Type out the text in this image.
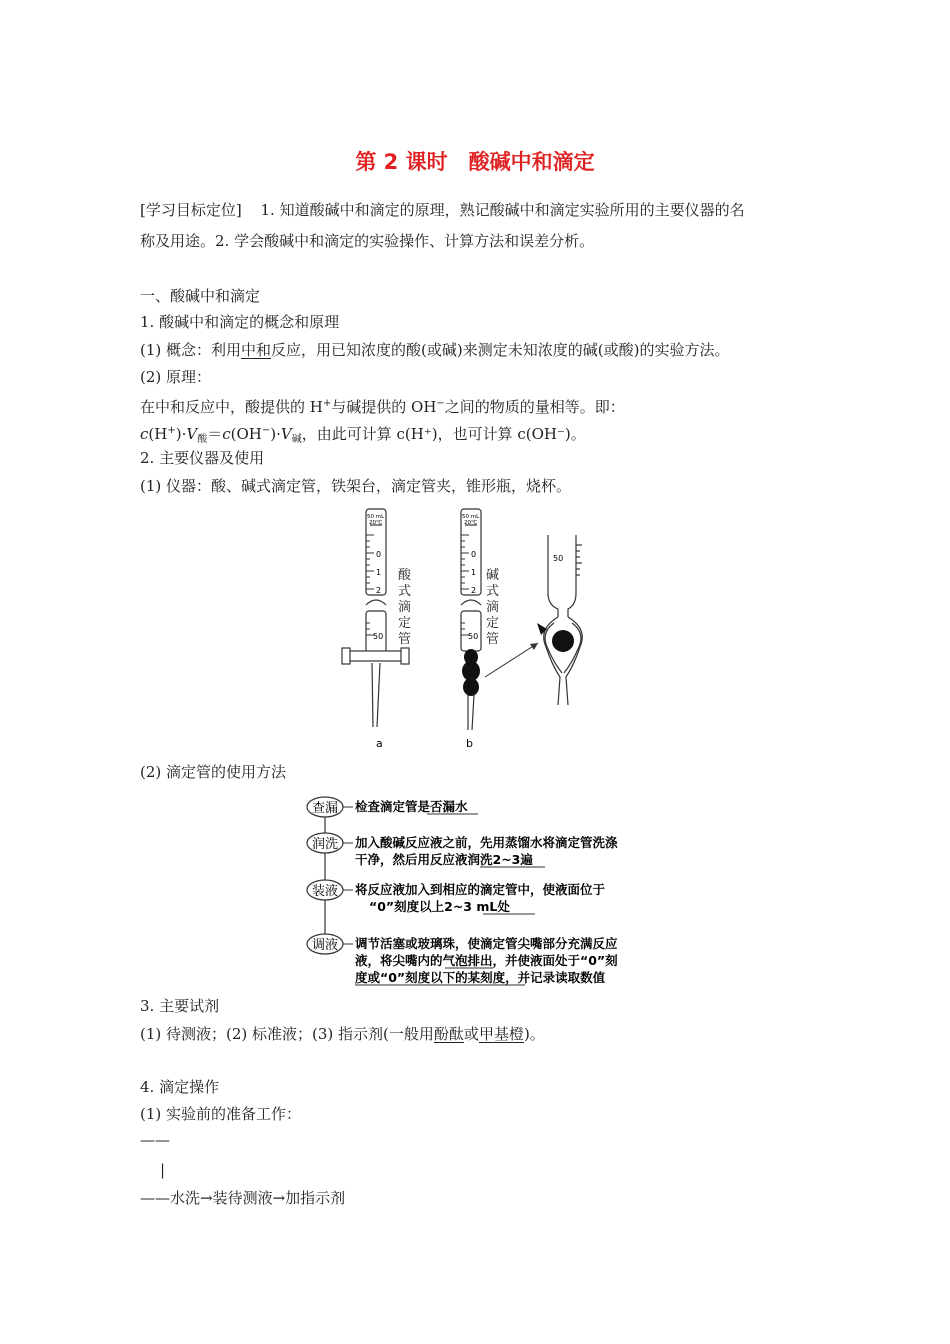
第 2 课时　酸碱中和滴定
[学习目标定位] 1. 知道酸碱中和滴定的原理，熟记酸碱中和滴定实验所用的主要仪器的名
称及用途。2. 学会酸碱中和滴定的实验操作、计算方法和误差分析。
一、酸碱中和滴定
1. 酸碱中和滴定的概念和原理
(1) 概念：利用中和反应，用已知浓度的酸(或碱)来测定未知浓度的碱(或酸)的实验方法。
(2) 原理：
在中和反应中，酸提供的 H+与碱提供的 OH−之间的物质的量相等。即：
$c(H^+)\cdot V_酸=c(OH^-)\cdot V_碱$，由此可计算 c(H⁺)，也可计算 c(OH⁻)。
2. 主要仪器及使用
(1) 仪器：酸、碱式滴定管，铁架台，滴定管夹，锥形瓶，烧杯。
50 mL
20℃
0
1
2
50
a
50 mL
20℃
0
1
2
50
b
50
酸式滴定管
碱式滴定管
(2) 滴定管的使用方法
查漏 检查滴定管是否漏水
润洗 加入酸碱反应液之前，先用蒸馏水将滴定管洗涤
干净，然后用反应液润洗2~3遍
装液 将反应液加入到相应的滴定管中，使液面位于
“0”刻度以上2~3 mL处
调液 调节活塞或玻璃珠，使滴定管尖嘴部分充满反应
液，将尖嘴内的气泡排出，并使液面处于“0”刻
度或“0”刻度以下的某刻度，并记录读取数值
3. 主要试剂
(1) 待测液；(2) 标准液；(3) 指示剂(一般用酚酞或甲基橙)。
4. 滴定操作
(1) 实验前的准备工作：
——
|
——水洗→装待测液→加指示剂
